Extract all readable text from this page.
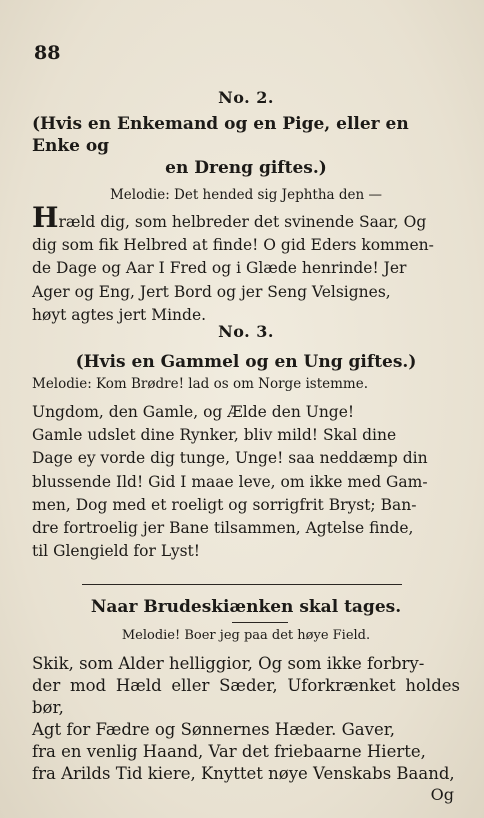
88
No. 2.
(Hvis en Enkemand og en Pige, eller en Enke og
en Dreng giftes.)
Melodie: Det hended sig Jephtha den —
Hræld dig, som helbreder det svinende Saar, Og
dig som fik Helbred at finde! O gid Eders kommen-
de Dage og Aar I Fred og i Glæde henrinde! Jer
Ager og Eng, Jert Bord og jer Seng Velsignes,
høyt agtes jert Minde.
No. 3.
(Hvis en Gammel og en Ung giftes.)
Melodie: Kom Brødre! lad os om Norge istemme.
Ungdom, den Gamle, og Ælde den Unge!
Gamle udslet dine Rynker, bliv mild! Skal dine
Dage ey vorde dig tunge, Unge! saa neddæmp din
blussende Ild! Gid I maae leve, om ikke med Gam-
men, Dog med et roeligt og sorrigfrit Bryst; Ban-
dre fortroelig jer Bane tilsammen, Agtelse finde,
til Glengield for Lyst!
Naar Brudeskiænken skal tages.
Melodie! Boer jeg paa det høye Field.
Skik, som Alder helliggior, Og som ikke forbry-
der mod Hæld eller Sæder, Uforkrænket holdes bør,
Agt for Fædre og Sønnernes Hæder. Gaver,
fra en venlig Haand, Var det friebaarne Hierte,
fra Arilds Tid kiere, Knyttet nøye Venskabs Baand,
Og
